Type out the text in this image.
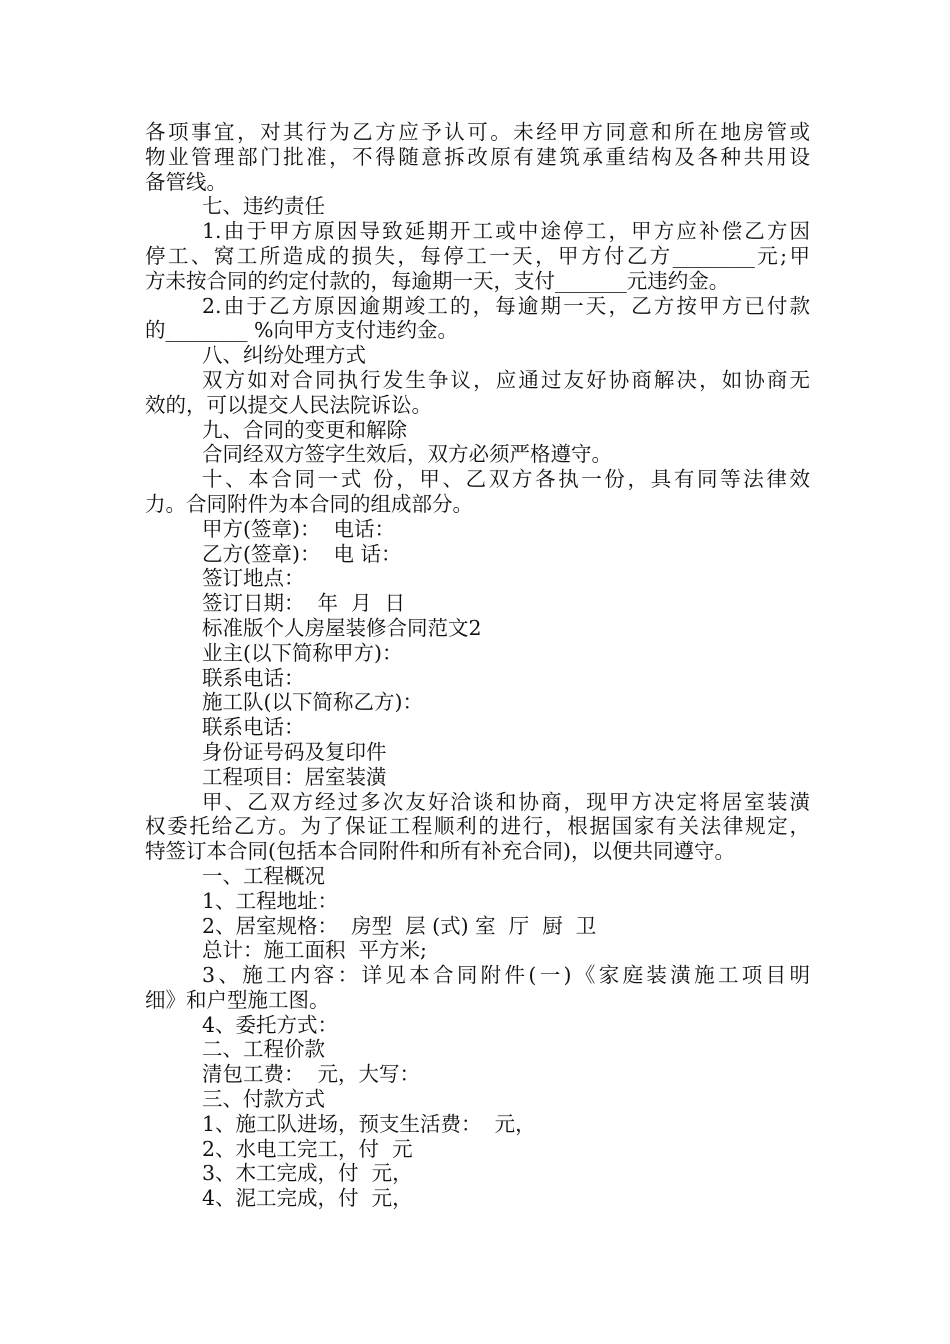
各项事宜，对其行为乙方应予认可。未经甲方同意和所在地房管或
物业管理部门批准，不得随意拆改原有建筑承重结构及各种共用设
备管线。
七、违约责任
1.由于甲方原因导致延期开工或中途停工，甲方应补偿乙方因
停工、窝工所造成的损失，每停工一天，甲方付乙方________元;甲
方未按合同的约定付款的，每逾期一天，支付_______元违约金。
2.由于乙方原因逾期竣工的，每逾期一天，乙方按甲方已付款
的________ %向甲方支付违约金。
八、纠纷处理方式
双方如对合同执行发生争议，应通过友好协商解决，如协商无
效的，可以提交人民法院诉讼。
九、合同的变更和解除
合同经双方签字生效后，双方必须严格遵守。
十、本合同一式 份，甲、乙双方各执一份，具有同等法律效
力。合同附件为本合同的组成部分。
甲方(签章)：  电话：
乙方(签章)：  电 话：
签订地点：
签订日期：  年  月  日
标准版个人房屋装修合同范文2
业主(以下简称甲方)：
联系电话：
施工队(以下简称乙方)：
联系电话：
身份证号码及复印件
工程项目：居室装潢
甲、乙双方经过多次友好洽谈和协商，现甲方决定将居室装潢
权委托给乙方。为了保证工程顺利的进行，根据国家有关法律规定，
特签订本合同(包括本合同附件和所有补充合同)，以便共同遵守。
一、工程概况
1、工程地址：
2、居室规格：  房型  层 (式) 室  厅  厨  卫
总计：施工面积  平方米;
3、施工内容：详见本合同附件(一)《家庭装潢施工项目明
细》和户型施工图。
4、委托方式：
二、工程价款
清包工费：  元，大写：
三、付款方式
1、施工队进场，预支生活费：  元，
2、水电工完工，付  元
3、木工完成，付  元，
4、泥工完成，付  元，
